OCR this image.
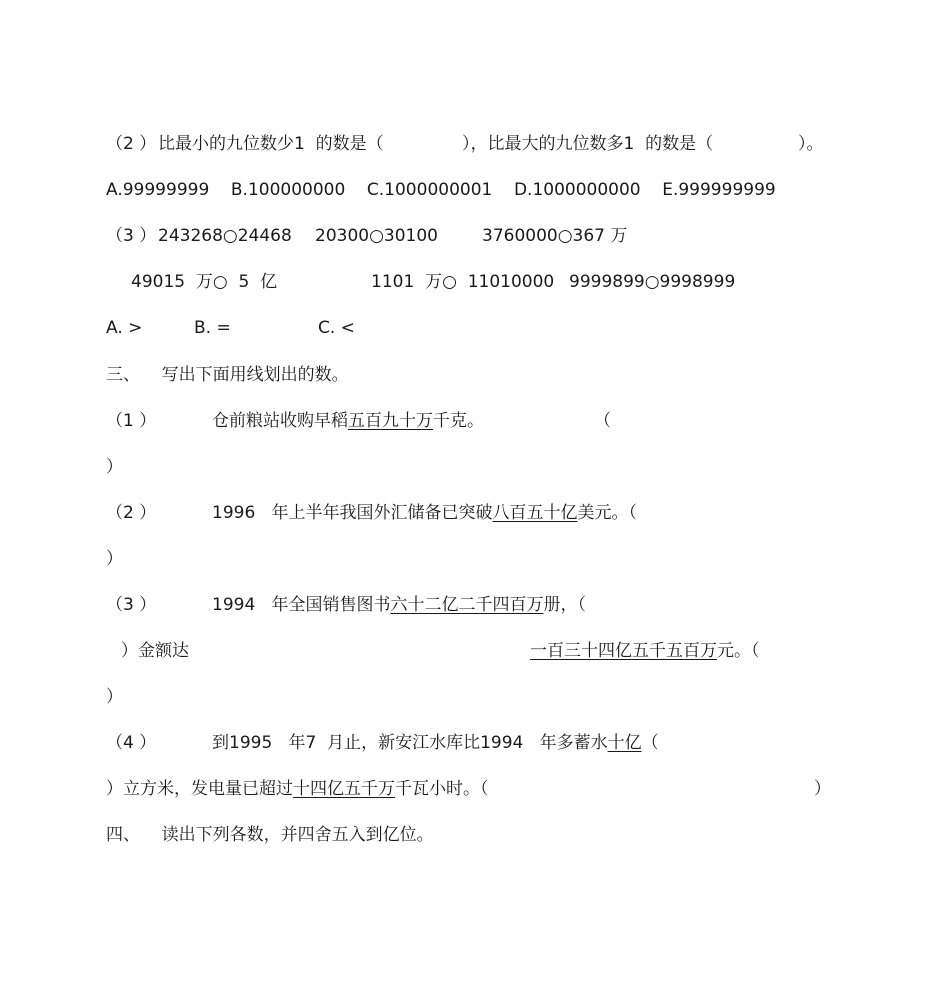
（2 ） 比最小的九位数少1  的数是（	），比最大的九位数多1  的数是（	）。
A.99999999    B.100000000    C.1000000001    D.1000000000    E.999999999
（3 ） 243268○24468 20300○30100	3760000○367 万
49015  万○  5  亿	1101  万○  11010000 9999899○9998999
A. >	B. =	C. <
三、    写出下面用线划出的数。
（1 ）	仓前粮站收购早稻五百九十万千克。	（
）
（2 ）	1996   年上半年我国外汇储备已突破八百五十亿美元。（
）
（3 ）	1994   年全国销售图书六十二亿二千四百万册，（
）金额达	一百三十四亿五千五百万元。（
）
（4 ）	到1995   年7  月止，新安江水库比1994   年多蓄水十亿（
）立方米，发电量已超过十四亿五千万千瓦小时。（	）
四、    读出下列各数，并四舍五入到亿位。
